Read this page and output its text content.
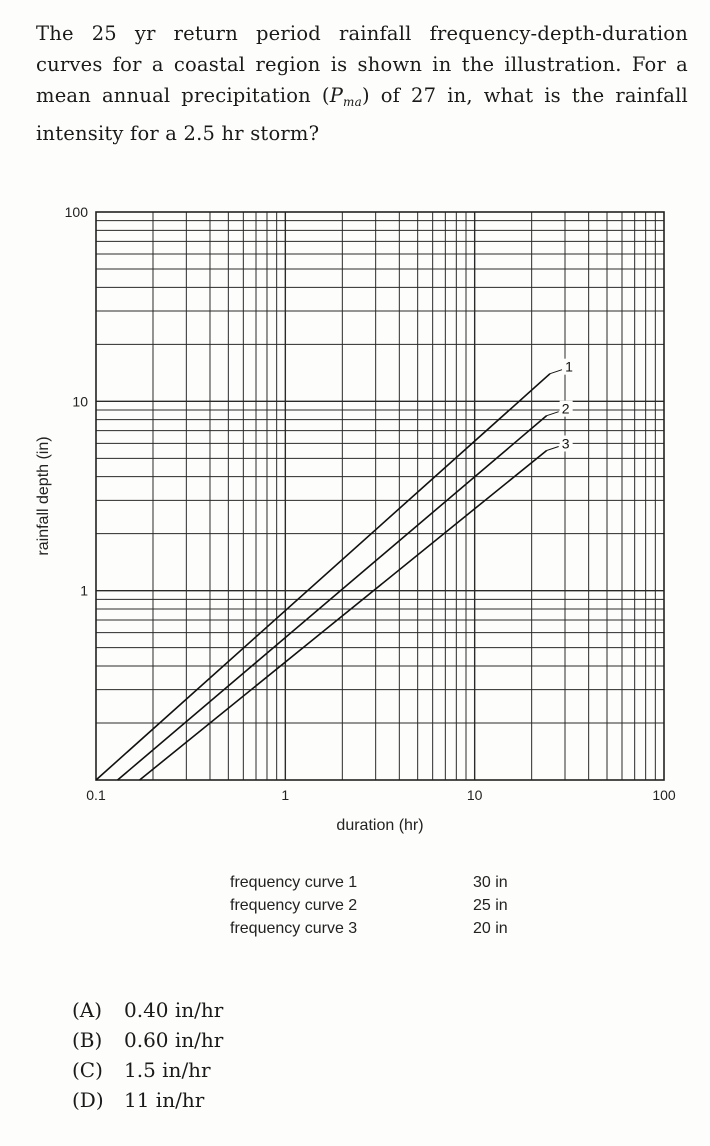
The 25 yr return period rainfall frequency-depth-duration curves for a coastal region is shown in the illustration. For a mean annual precipitation $(P_{ma})$ of 27 in, what is the rainfall intensity for a 2.5 hr storm?

1
2
3
0.1	1	10	100
1
10
100
duration (hr)
rainfall depth (in)
frequency curve 1	30 in
frequency curve 2	25 in
frequency curve 3	20 in
(A) 0.40 in/hr
(B) 0.60 in/hr
(C) 1.5 in/hr
(D) 11 in/hr
